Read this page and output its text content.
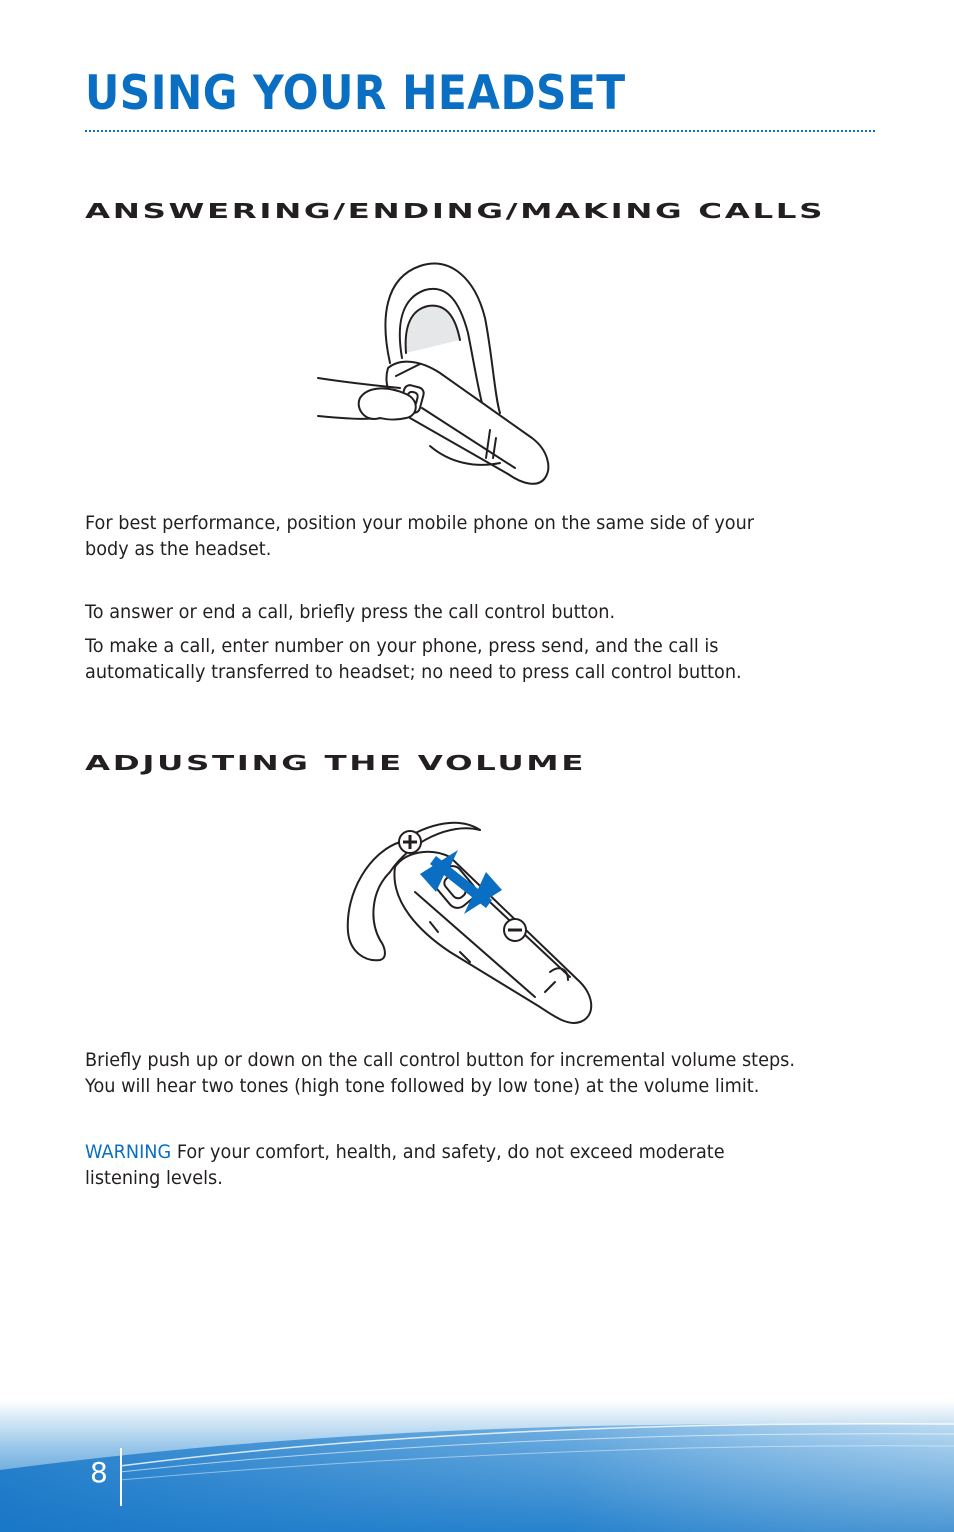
USING YOUR HEADSET
ANSWERING/ENDING/MAKING CALLS

For best performance, position your mobile phone on the same side of your body as the headset.

To answer or end a call, briefly press the call control button.

To make a call, enter number on your phone, press send, and the call is automatically transferred to headset; no need to press call control button.

ADJUSTING THE VOLUME

Briefly push up or down on the call control button for incremental volume steps. You will hear two tones (high tone followed by low tone) at the volume limit.

WARNING For your comfort, health, and safety, do not exceed moderate listening levels.

8
